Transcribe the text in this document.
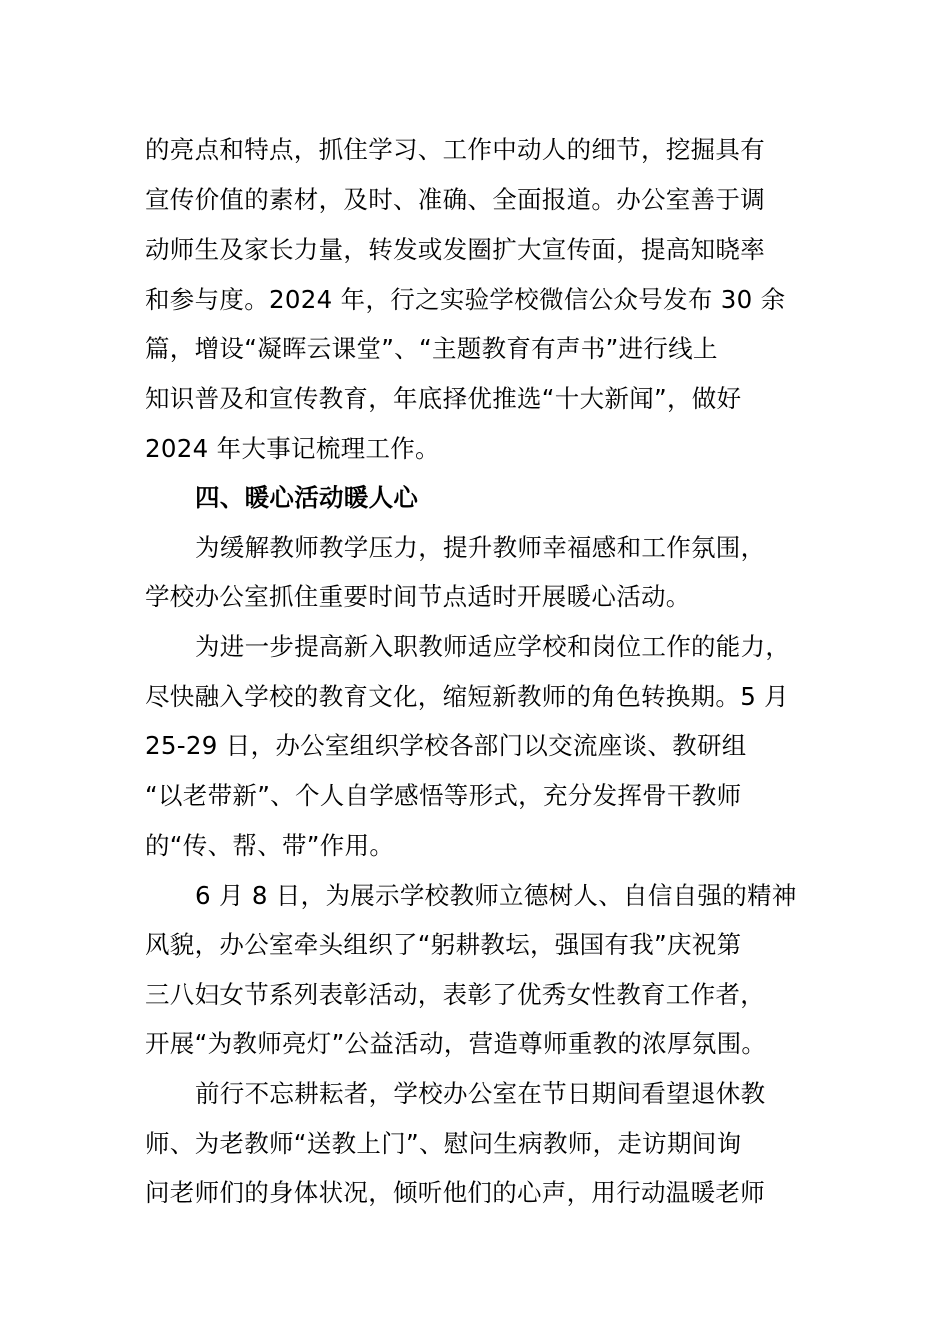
的亮点和特点，抓住学习、工作中动人的细节，挖掘具有
宣传价值的素材，及时、准确、全面报道。办公室善于调
动师生及家长力量，转发或发圈扩大宣传面，提高知晓率
和参与度。2024 年，行之实验学校微信公众号发布 30 余
篇，增设“凝晖云课堂”、“主题教育有声书”进行线上
知识普及和宣传教育，年底择优推选“十大新闻”，做好
2024 年大事记梳理工作。
四、暖心活动暖人心
为缓解教师教学压力，提升教师幸福感和工作氛围，
学校办公室抓住重要时间节点适时开展暖心活动。
为进一步提高新入职教师适应学校和岗位工作的能力，
尽快融入学校的教育文化，缩短新教师的角色转换期。5 月
25-29 日，办公室组织学校各部门以交流座谈、教研组
“以老带新”、个人自学感悟等形式，充分发挥骨干教师
的“传、帮、带”作用。
6 月 8 日，为展示学校教师立德树人、自信自强的精神
风貌，办公室牵头组织了“躬耕教坛，强国有我”庆祝第
三八妇女节系列表彰活动，表彰了优秀女性教育工作者，
开展“为教师亮灯”公益活动，营造尊师重教的浓厚氛围。
前行不忘耕耘者，学校办公室在节日期间看望退休教
师、为老教师“送教上门”、慰问生病教师，走访期间询
问老师们的身体状况，倾听他们的心声，用行动温暖老师
